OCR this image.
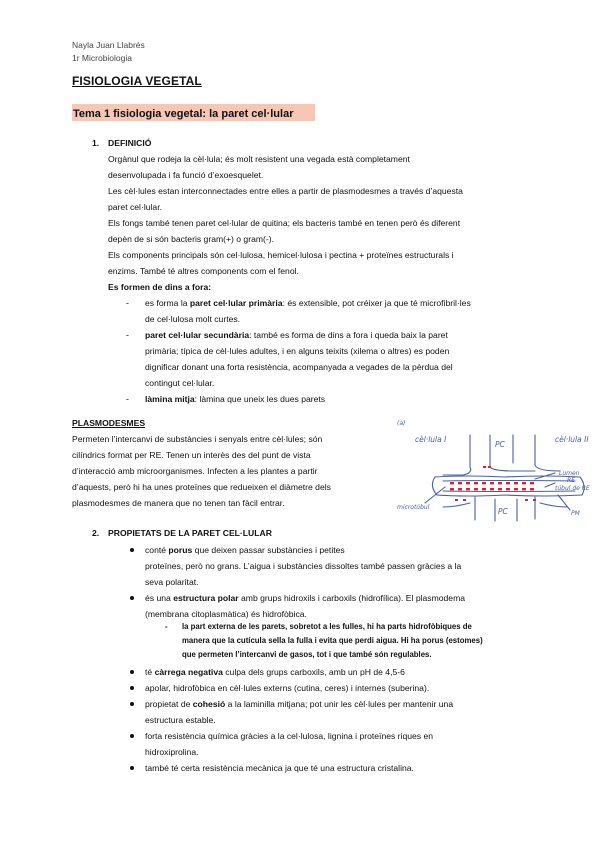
Nayla Juan Llabrés
1r Microbiologia
FISIOLOGIA VEGETAL
Tema 1 fisiologia vegetal: la paret cel·lular
1. DEFINICIÓ
Orgànul que rodeja la cèl·lula; és molt resistent una vegada està completament
desenvolupada i fa funció d’exoesquelet.
Les cèl·lules estan interconnectades entre elles a partir de plasmodesmes a través d’aquesta
paret cel·lular.
Els fongs també tenen paret cel·lular de quitina; els bacteris també en tenen però és diferent
depèn de si són bacteris gram(+) o gram(-).
Els components principals són cel·lulosa, hemicel·lulosa i pectina + proteïnes estructurals i
enzims. També té altres components com el fenol.
Es formen de dins a fora:
- es forma la paret cel·lular primària: és extensible, pot créixer ja que té microfibril·les
de cel·lulosa molt curtes.
- paret cel·lular secundària: també es forma de dins a fora i queda baix la paret
primària; típica de cèl·lules adultes, i en alguns teixits (xilema o altres) es poden
dignificar donant una forta resistència, acompanyada a vegades de la pèrdua del
contingut cel·lular.
- làmina mitja: làmina que uneix les dues parets
PLASMODESMES
Permeten l’intercanvi de substàncies i senyals entre cèl·lules; són
cilíndrics format per RE. Tenen un interès des del punt de vista
d’interacció amb microorganismes. Infecten a les plantes a partir
d’aquests, però hi ha unes proteïnes que redueixen el diàmetre dels
plasmodesmes de manera que no tenen tan fàcil entrar.
(a)
cèl·lula I	cèl·lula II
PC
PC
Lumen
RE
túbul de RE
PM
microtúbul
2. PROPIETATS DE LA PARET CEL·LULAR
conté porus que deixen passar substàncies i petites
proteïnes, però no grans. L’aigua i substàncies dissoltes també passen gràcies a la
seva polaritat.
és una estructura polar amb grups hidroxils i carboxils (hidrofílica). El plasmodema
(membrana citoplasmàtica) és hidrofòbica.
- la part externa de les parets, sobretot a les fulles, hi ha parts hidrofòbiques de
manera que la cutícula sella la fulla i evita que perdi aigua. Hi ha porus (estomes)
que permeten l’intercanvi de gasos, tot i que també són regulables.
té càrrega negativa culpa dels grups carboxils, amb un pH de 4,5-6
apolar, hidrofòbica en cèl·lules externs (cutina, ceres) i internes (suberina).
propietat de cohesió a la laminilla mitjana; pot unir les cèl·lules per mantenir una
estructura estable.
forta resistència química gràcies a la cel·lulosa, lignina i proteïnes riques en
hidroxiprolina.
també té certa resistència mecànica ja que té una estructura cristalina.
